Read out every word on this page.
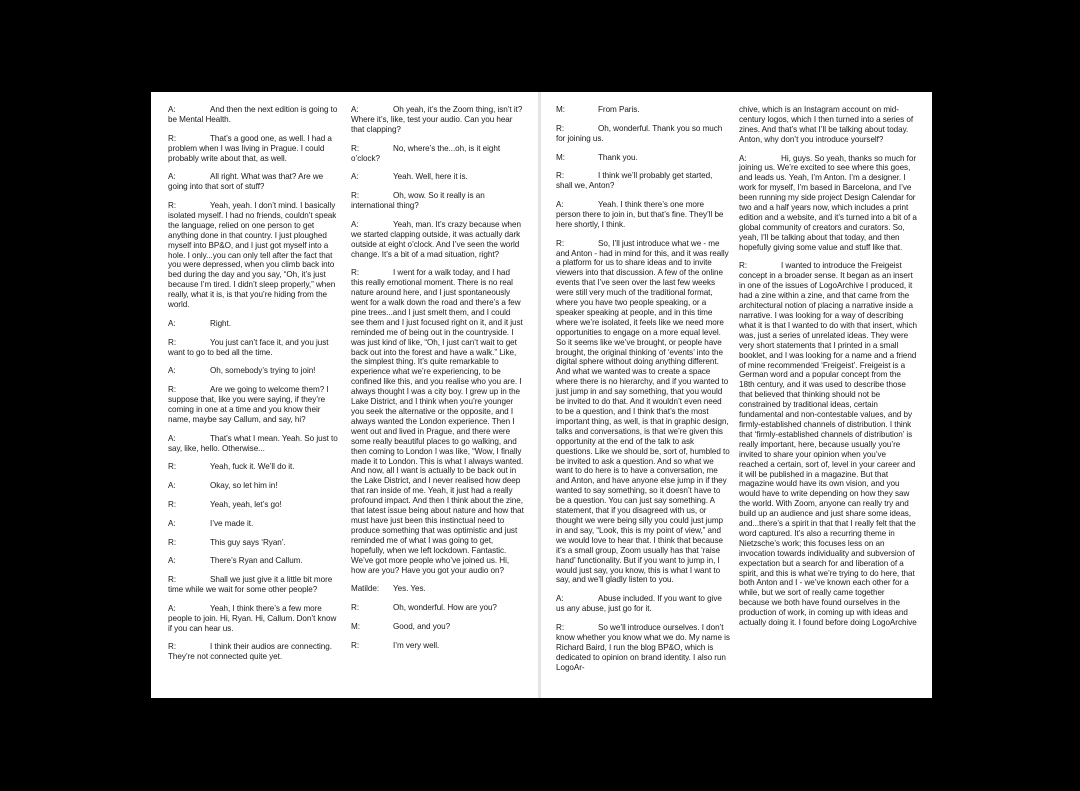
A:	And then the next edition is going to be Mental Health.

R:	That’s a good one, as well. I had a problem when I was living in Prague. I could probably write about that, as well.

A:	All right. What was that? Are we going into that sort of stuff?

R:	Yeah, yeah. I don’t mind. I basically isolated myself. I had no friends, couldn’t speak the language, relied on one person to get anything done in that country. I just ploughed myself into BP&O, and I just got myself into a hole. I only...you can only tell after the fact that you were depressed, when you climb back into bed during the day and you say, “Oh, it’s just because I’m tired. I didn’t sleep properly,” when really, what it is, is that you’re hiding from the world.

A:	Right.

R:	You just can’t face it, and you just want to go to bed all the time.

A:	Oh, somebody’s trying to join!

R:	Are we going to welcome them? I suppose that, like you were saying, if they’re coming in one at a time and you know their name, maybe say Callum, and say, hi?

A:	That’s what I mean. Yeah. So just to say, like, hello. Otherwise...

R:	Yeah, fuck it. We’ll do it.

A:	Okay, so let him in!

R:	Yeah, yeah, let’s go!

A:	I’ve made it.

R:	This guy says ‘Ryan’.

A:	There’s Ryan and Callum.

R:	Shall we just give it a little bit more time while we wait for some other people?

A:	Yeah, I think there’s a few more people to join. Hi, Ryan. Hi, Callum. Don’t know if you can hear us.

R:	I think their audios are connecting. They’re not connected quite yet.

A:	Oh yeah, it’s the Zoom thing, isn’t it? Where it’s, like, test your audio. Can you hear that clapping?

R:	No, where’s the...oh, is it eight o’clock?

A:	Yeah. Well, here it is.

R:	Oh, wow. So it really is an international thing?

A:	Yeah, man. It’s crazy because when we started clapping outside, it was actually dark outside at eight o’clock. And I’ve seen the world change. It’s a bit of a mad situation, right?

R:	I went for a walk today, and I had this really emotional moment. There is no real nature around here, and I just spontaneously went for a walk down the road and there’s a few pine trees...and I just smelt them, and I could see them and I just focused right on it, and it just reminded me of being out in the countryside. I was just kind of like, “Oh, I just can’t wait to get back out into the forest and have a walk.” Like, the simplest thing. It’s quite remarkable to experience what we’re experiencing, to be confined like this, and you realise who you are. I always thought I was a city boy. I grew up in the Lake District, and I think when you’re younger you seek the alternative or the opposite, and I always wanted the London experience. Then I went out and lived in Prague, and there were some really beautiful places to go walking, and then coming to London I was like, “Wow, I finally made it to London. This is what I always wanted. And now, all I want is actually to be back out in the Lake District, and I never realised how deep that ran inside of me. Yeah, it just had a really profound impact. And then I think about the zine, that latest issue being about nature and how that must have just been this instinctual need to produce something that was optimistic and just reminded me of what I was going to get, hopefully, when we left lockdown. Fantastic. We’ve got more people who’ve joined us. Hi, how are you? Have you got your audio on?

Matilde: Yes. Yes.

R:	Oh, wonderful. How are you?

M:	Good, and you?

R:	I’m very well.

M:	From Paris.

R:	Oh, wonderful. Thank you so much for joining us.

M:	Thank you.

R:	I think we’ll probably get started, shall we, Anton?

A:	Yeah. I think there’s one more person there to join in, but that’s fine. They’ll be here shortly, I think.

R:	So, I’ll just introduce what we - me and Anton - had in mind for this, and it was really a platform for us to share ideas and to invite viewers into that discussion. A few of the online events that I’ve seen over the last few weeks were still very much of the traditional format, where you have two people speaking, or a speaker speaking at people, and in this time where we’re isolated, it feels like we need more opportunities to engage on a more equal level. So it seems like we’ve brought, or people have brought, the original thinking of ‘events’ into the digital sphere without doing anything different. And what we wanted was to create a space where there is no hierarchy, and if you wanted to just jump in and say something, that you would be invited to do that. And it wouldn’t even need to be a question, and I think that’s the most important thing, as well, is that in graphic design, talks and conversations, is that we’re given this opportunity at the end of the talk to ask questions. Like we should be, sort of, humbled to be invited to ask a question. And so what we want to do here is to have a conversation, me and Anton, and have anyone else jump in if they wanted to say something, so it doesn’t have to be a question. You can just say something. A statement, that if you disagreed with us, or thought we were being silly you could just jump in and say, “Look, this is my point of view,” and we would love to hear that. I think that because it’s a small group, Zoom usually has that ‘raise hand’ functionality. But if you want to jump in, I would just say, you know, this is what I want to say, and we’ll gladly listen to you.

A:	Abuse included. If you want to give us any abuse, just go for it.

R:	So we’ll introduce ourselves. I don’t know whether you know what we do. My name is Richard Baird, I run the blog BP&O, which is dedicated to opinion on brand identity. I also run LogoAr-

chive, which is an Instagram account on mid-century logos, which I then turned into a series of zines. And that’s what I’ll be talking about today. Anton, why don’t you introduce yourself?

A:	Hi, guys. So yeah, thanks so much for joining us. We’re excited to see where this goes, and leads us. Yeah, I’m Anton. I’m a designer. I work for myself, I’m based in Barcelona, and I’ve been running my side project Design Calendar for two and a half years now, which includes a print edition and a website, and it’s turned into a bit of a global community of creators and curators. So, yeah, I’ll be talking about that today, and then hopefully giving some value and stuff like that.

R:	I wanted to introduce the Freigeist concept in a broader sense. It began as an insert in one of the issues of LogoArchive I produced, it had a zine within a zine, and that came from the architectural notion of placing a narrative inside a narrative. I was looking for a way of describing what it is that I wanted to do with that insert, which was, just a series of unrelated ideas. They were very short statements that I printed in a small booklet, and I was looking for a name and a friend of mine recommended ‘Freigeist’. Freigeist is a German word and a popular concept from the 18th century, and it was used to describe those that believed that thinking should not be constrained by traditional ideas, certain fundamental and non-contestable values, and by firmly-established channels of distribution. I think that ‘firmly-established channels of distribution’ is really important, here, because usually you’re invited to share your opinion when you’ve reached a certain, sort of, level in your career and it will be published in a magazine. But that magazine would have its own vision, and you would have to write depending on how they saw the world. With Zoom, anyone can really try and build up an audience and just share some ideas, and...there’s a spirit in that that I really felt that the word captured. It’s also a recurring theme in Nietzsche’s work; this focuses less on an invocation towards individuality and subversion of expectation but a search for and liberation of a spirit, and this is what we’re trying to do here, that both Anton and I - we’ve known each other for a while, but we sort of really came together because we both have found ourselves in the production of work, in coming up with ideas and actually doing it. I found before doing LogoArchive
